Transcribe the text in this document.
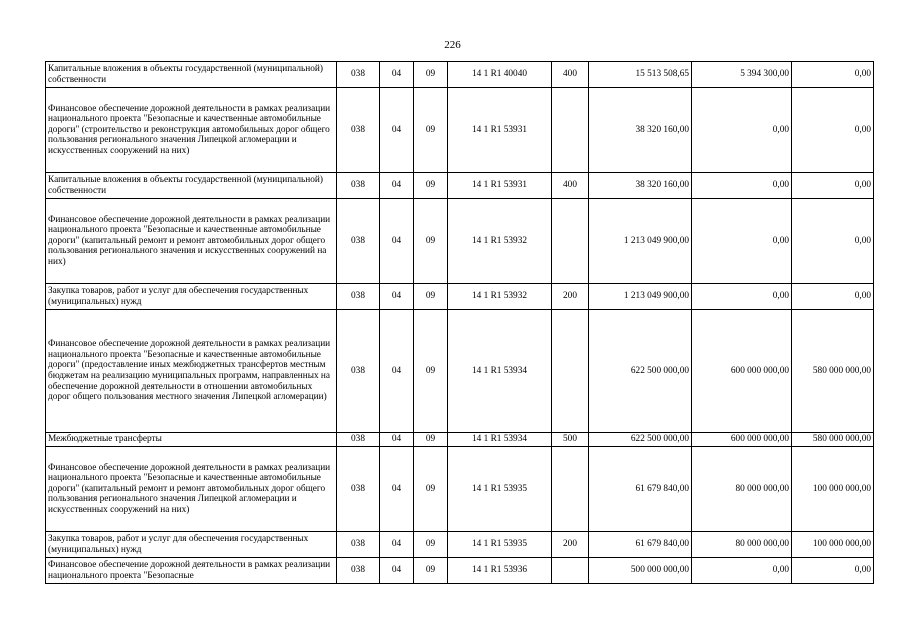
226
Капитальные вложения в объекты государственной (муниципальной) собственности	038	04	09	14 1 R1 40040	400	15 513 508,65	5 394 300,00	0,00
Финансовое обеспечение дорожной деятельности в рамках реализации национального проекта "Безопасные и качественные автомобильные дороги" (строительство и реконструкция автомобильных дорог общего пользования регионального значения Липецкой агломерации и искусственных сооружений на них)	038	04	09	14 1 R1 53931		38 320 160,00	0,00	0,00
Капитальные вложения в объекты государственной (муниципальной) собственности	038	04	09	14 1 R1 53931	400	38 320 160,00	0,00	0,00
Финансовое обеспечение дорожной деятельности в рамках реализации национального проекта "Безопасные и качественные автомобильные дороги" (капитальный ремонт и ремонт автомобильных дорог общего пользования регионального значения и искусственных сооружений на них)	038	04	09	14 1 R1 53932		1 213 049 900,00	0,00	0,00
Закупка товаров, работ и услуг для обеспечения государственных (муниципальных) нужд	038	04	09	14 1 R1 53932	200	1 213 049 900,00	0,00	0,00
Финансовое обеспечение дорожной деятельности в рамках реализации национального проекта "Безопасные и качественные автомобильные дороги" (предоставление иных межбюджетных трансфертов местным бюджетам на реализацию муниципальных программ, направленных на обеспечение дорожной деятельности в отношении автомобильных дорог общего пользования местного значения Липецкой агломерации)	038	04	09	14 1 R1 53934		622 500 000,00	600 000 000,00	580 000 000,00
Межбюджетные трансферты	038	04	09	14 1 R1 53934	500	622 500 000,00	600 000 000,00	580 000 000,00
Финансовое обеспечение дорожной деятельности в рамках реализации национального проекта "Безопасные и качественные автомобильные дороги" (капитальный ремонт и ремонт автомобильных дорог общего пользования регионального значения Липецкой агломерации и искусственных сооружений на них)	038	04	09	14 1 R1 53935		61 679 840,00	80 000 000,00	100 000 000,00
Закупка товаров, работ и услуг для обеспечения государственных (муниципальных) нужд	038	04	09	14 1 R1 53935	200	61 679 840,00	80 000 000,00	100 000 000,00
Финансовое обеспечение дорожной деятельности в рамках реализации национального проекта "Безопасные	038	04	09	14 1 R1 53936		500 000 000,00	0,00	0,00
